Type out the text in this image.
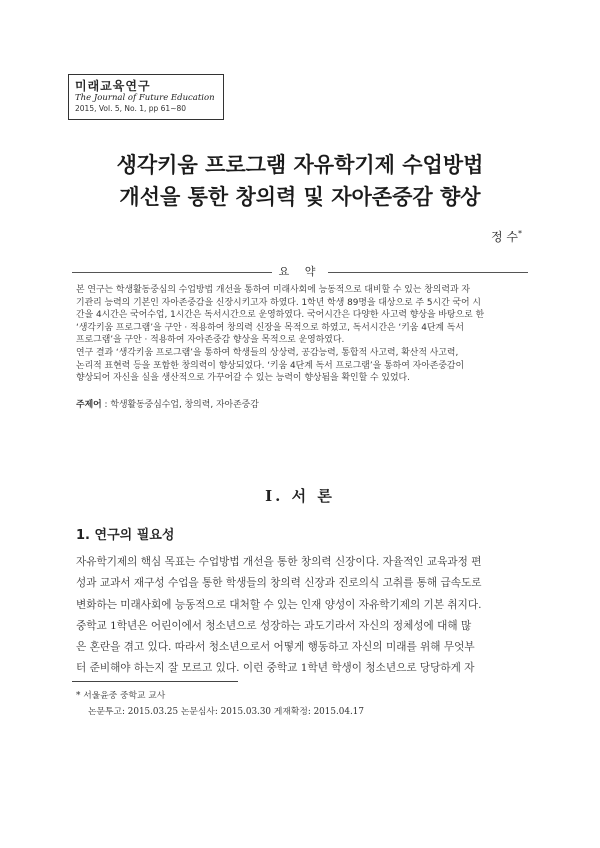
미래교육연구
The Journal of Future Education
2015, Vol. 5, No. 1, pp 61~80
생각키움 프로그램 자유학기제 수업방법
개선을 통한 창의력 및 자아존중감 향상
정 수*
요 약

본 연구는 학생활동중심의 수업방법 개선을 통하여 미래사회에 능동적으로 대비할 수 있는 창의력과 자

기관리 능력의 기본인 자아존중감을 신장시키고자 하였다. 1학년 학생 89명을 대상으로 주 5시간 국어 시

간을 4시간은 국어수업, 1시간은 독서시간으로 운영하였다. 국어시간은 다양한 사고력 향상을 바탕으로 한

‘생각키움 프로그램’을 구안 · 적용하여 창의력 신장을 목적으로 하였고, 독서시간은 ‘키움 4단계 독서

프로그램’을 구안 · 적용하여 자아존중감 향상을 목적으로 운영하였다.

연구 결과 ‘생각키움 프로그램’을 통하여 학생들의 상상력, 공감능력, 통합적 사고력, 확산적 사고력,

논리적 표현력 등을 포함한 창의력이 향상되었다. ‘키움 4단계 독서 프로그램’을 통하여 자아존중감이

향상되어 자신을 실을 생산적으로 가꾸어갈 수 있는 능력이 향상됨을 확인할 수 있었다.

주제어 : 학생활동중심수업, 창의력, 자아존중감
I. 서 론
1. 연구의 필요성

자유학기제의 핵심 목표는 수업방법 개선을 통한 창의력 신장이다. 자율적인 교육과정 편

성과 교과서 재구성 수업을 통한 학생들의 창의력 신장과 진로의식 고취를 통해 급속도로

변화하는 미래사회에 능동적으로 대처할 수 있는 인재 양성이 자유학기제의 기본 취지다.

중학교 1학년은 어린이에서 청소년으로 성장하는 과도기라서 자신의 정체성에 대해 많

은 혼란을 겪고 있다. 따라서 청소년으로서 어떻게 행동하고 자신의 미래를 위해 무엇부

터 준비해야 하는지 잘 모르고 있다. 이런 중학교 1학년 학생이 청소년으로 당당하게 자

* 서울윤중 중학교 교사
논문투고: 2015.03.25 논문심사: 2015.03.30 게재확정: 2015.04.17
